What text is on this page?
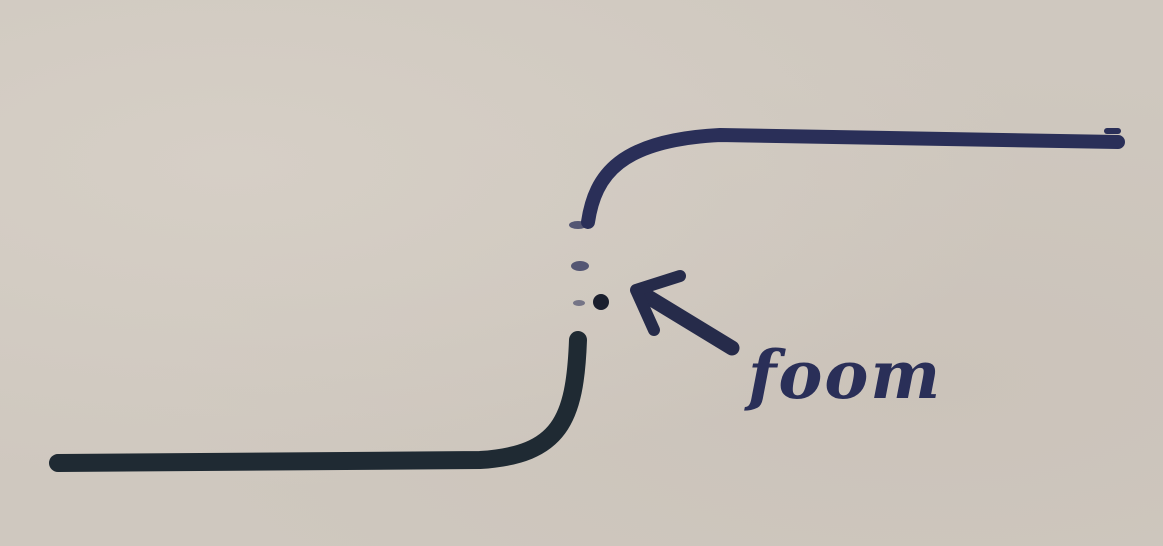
foom
